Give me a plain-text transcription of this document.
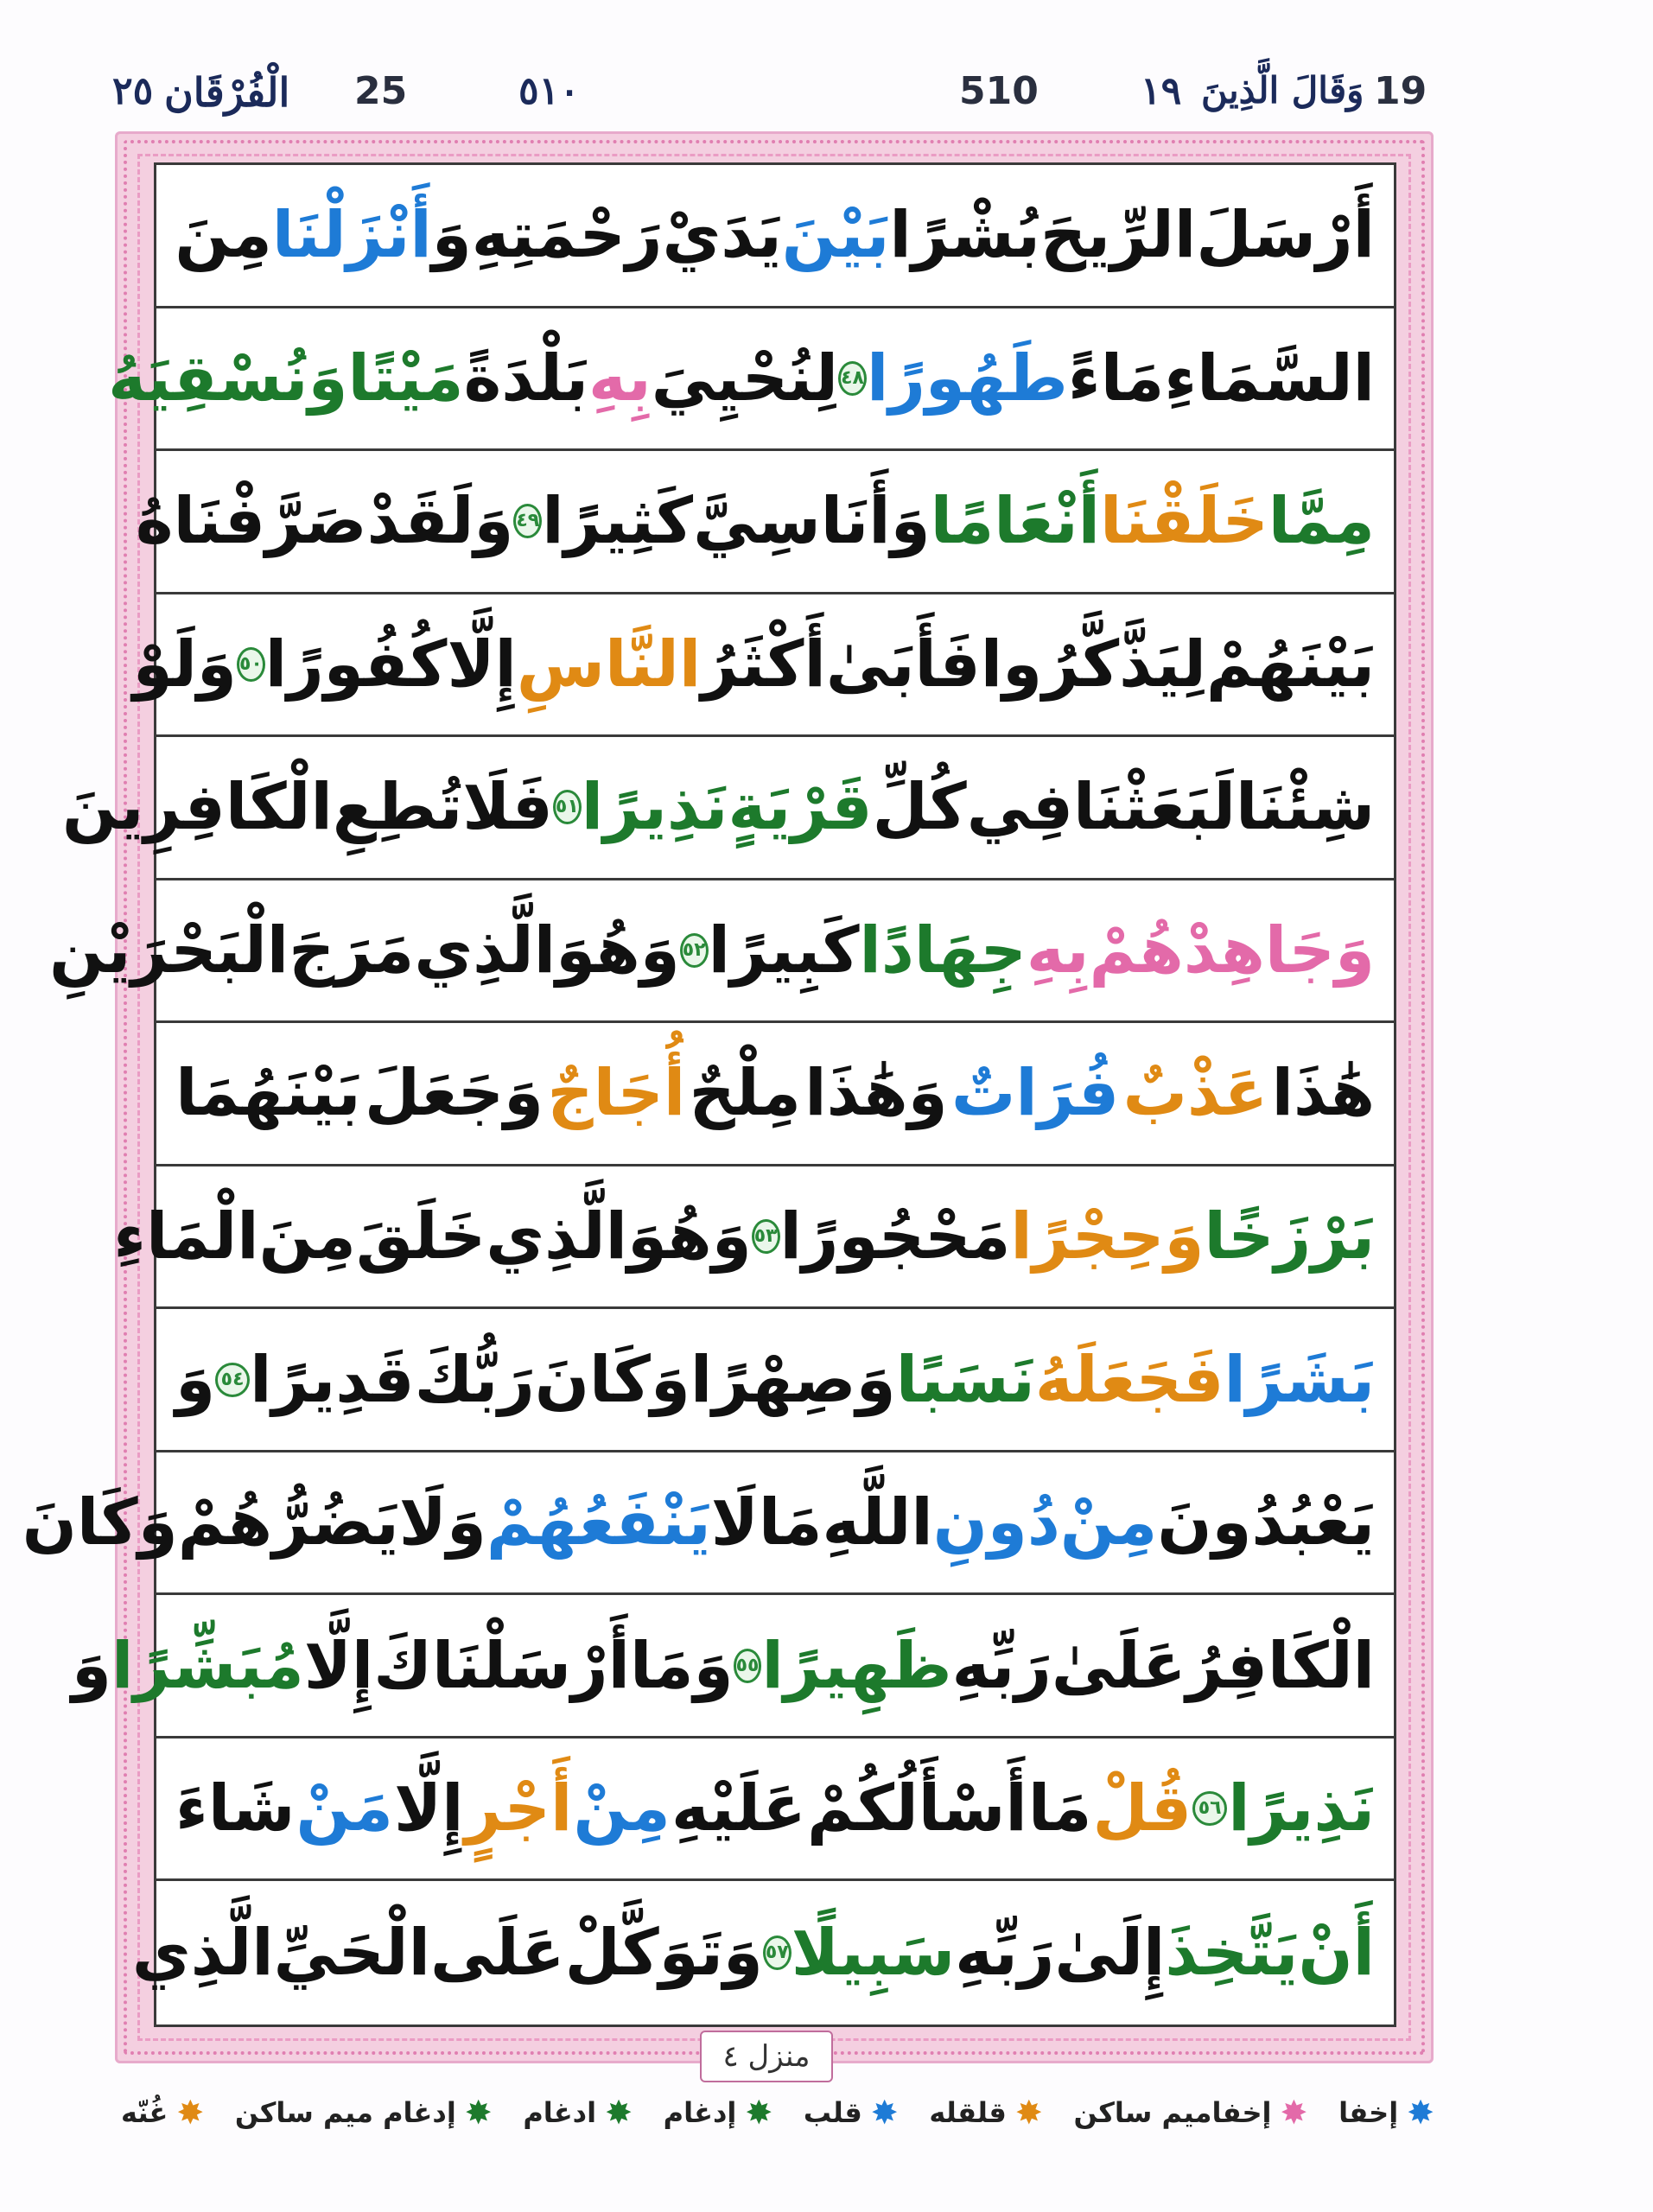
٢٥ الْفُرْقَان 25	٥١٠	510	١٩ وَقَالَ الَّذِينَ 19
أَرْسَلَ
الرِّيحَ
بُشْرًا
بَيْنَ
يَدَيْ
رَحْمَتِهِ
وَ
أَنْزَلْنَا
مِنَ
السَّمَاءِ
مَاءً
طَهُورًا
٤٨
لِنُحْيِيَ
بِهِ
بَلْدَةً
مَيْتًا
وَنُسْقِيَهُ
مِمَّا
خَلَقْنَا
أَنْعَامًا
وَأَنَاسِيَّ
كَثِيرًا
٤٩
وَلَقَدْ
صَرَّفْنَاهُ
بَيْنَهُمْ
لِيَذَّكَّرُوا
فَأَبَىٰ
أَكْثَرُ
النَّاسِ
إِلَّا
كُفُورًا
٥٠
وَلَوْ
شِئْنَا
لَبَعَثْنَا
فِي
كُلِّ
قَرْيَةٍ
نَذِيرًا
٥١
فَلَا
تُطِعِ
الْكَافِرِينَ
وَجَاهِدْهُمْ
بِهِ
جِهَادًا
كَبِيرًا
٥٢
وَهُوَ
الَّذِي
مَرَجَ
الْبَحْرَيْنِ
هَٰذَا
عَذْبٌ
فُرَاتٌ
وَهَٰذَا
مِلْحٌ
أُجَاجٌ
وَجَعَلَ
بَيْنَهُمَا
بَرْزَخًا
وَحِجْرًا
مَحْجُورًا
٥٣
وَهُوَ
الَّذِي
خَلَقَ
مِنَ
الْمَاءِ
بَشَرًا
فَجَعَلَهُ
نَسَبًا
وَصِهْرًا
وَكَانَ
رَبُّكَ
قَدِيرًا
٥٤
وَ
يَعْبُدُونَ
مِنْ
دُونِ
اللَّهِ
مَا
لَا
يَنْفَعُهُمْ
وَلَا
يَضُرُّهُمْ
وَكَانَ
الْكَافِرُ
عَلَىٰ
رَبِّهِ
ظَهِيرًا
٥٥
وَمَا
أَرْسَلْنَاكَ
إِلَّا
مُبَشِّرًا
وَ
نَذِيرًا
٥٦
قُلْ
مَا
أَسْأَلُكُمْ
عَلَيْهِ
مِنْ
أَجْرٍ
إِلَّا
مَنْ
شَاءَ
أَنْ
يَتَّخِذَ
إِلَىٰ
رَبِّهِ
سَبِيلًا
٥٧
وَتَوَكَّلْ
عَلَى
الْحَيِّ
الَّذِي
منزل ٤
✸
إخفا
✸
إخفاميم ساكن
✸
قلقله
✸
قلب
✸
إدغام
✸
ادغام
✸
إدغام ميم ساكن
✸
غُنّه
